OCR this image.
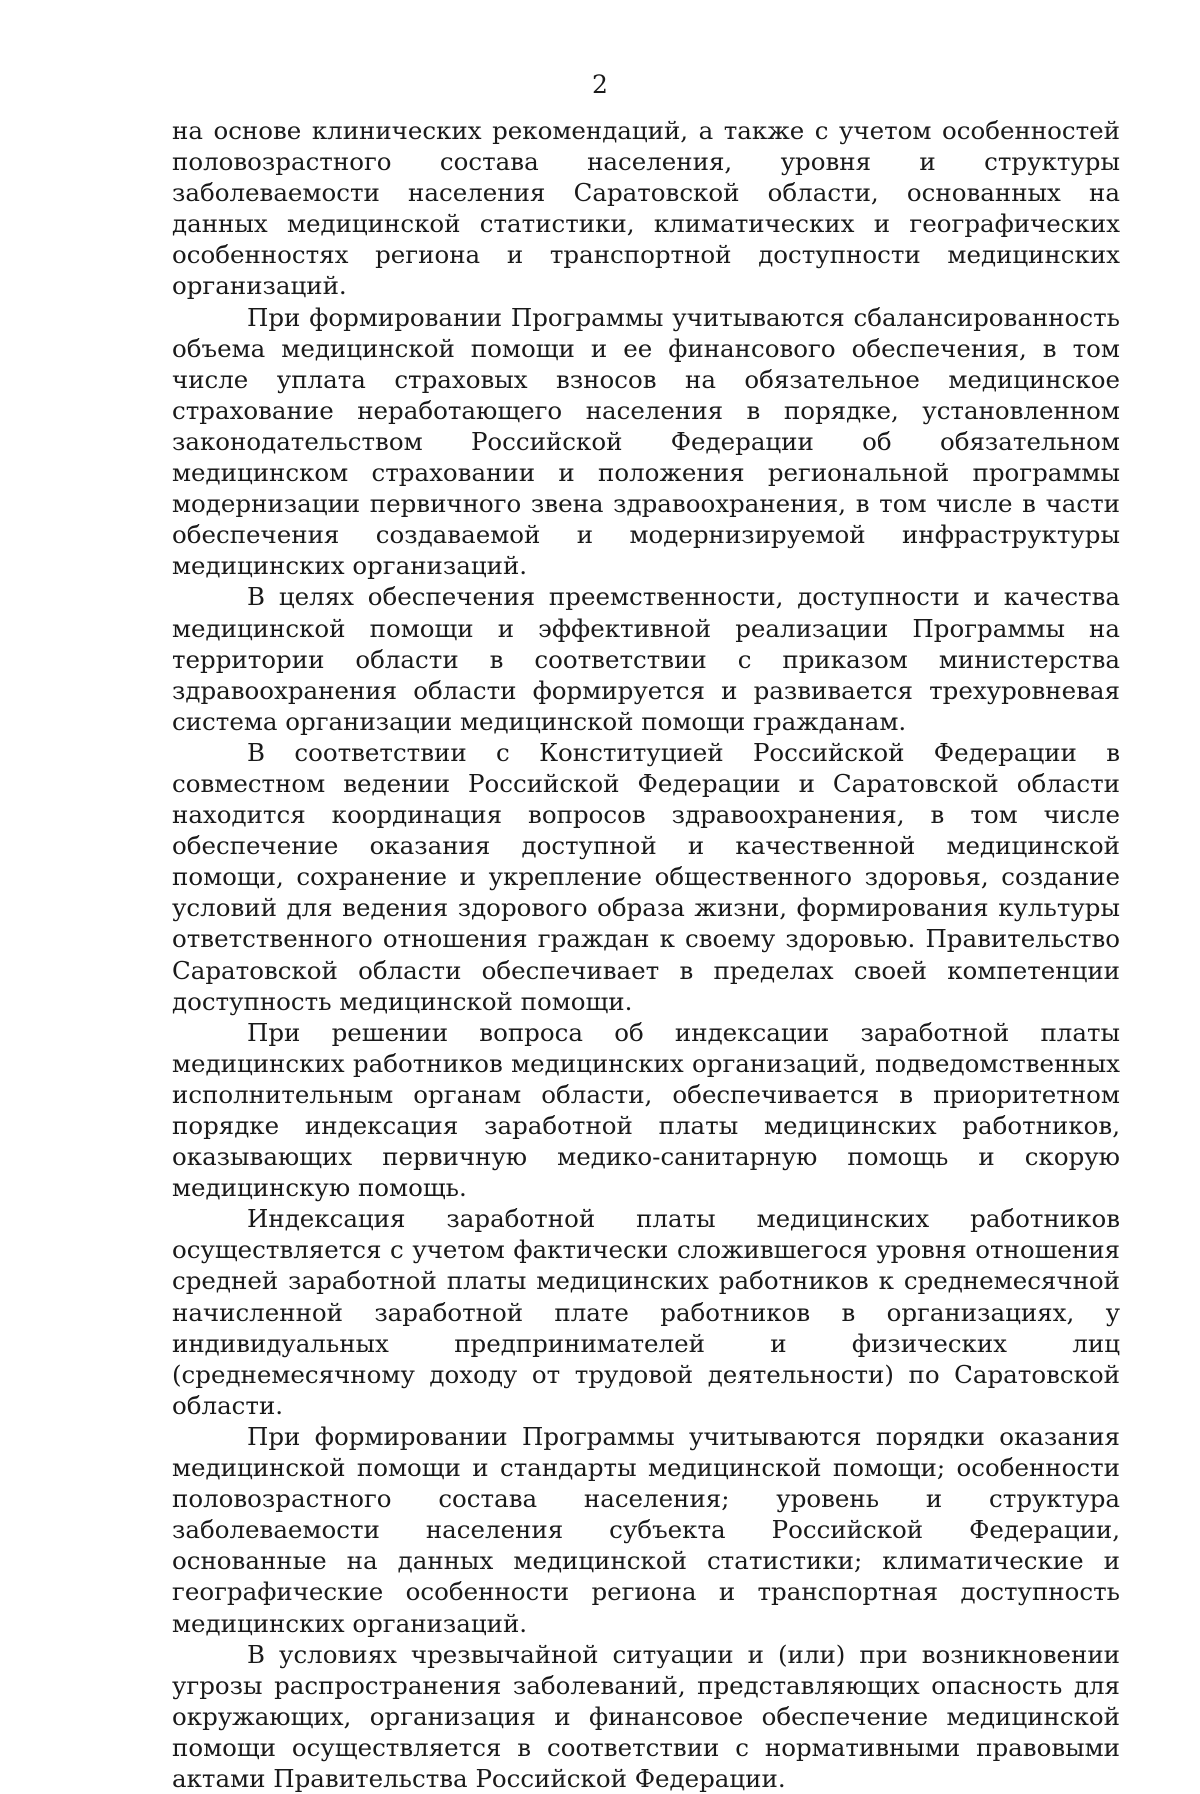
2

на основе клинических рекомендаций, а также с учетом особенностей половозрастного состава населения, уровня и структуры заболеваемости населения Саратовской области, основанных на данных медицинской статистики, климатических и географических особенностях региона и транспортной доступности медицинских организаций.

При формировании Программы учитываются сбалансированность объема медицинской помощи и ее финансового обеспечения, в том числе уплата страховых взносов на обязательное медицинское страхование неработающего населения в порядке, установленном законодательством Российской Федерации об обязательном медицинском страховании и положения региональной программы модернизации первичного звена здравоохранения, в том числе в части обеспечения создаваемой и модернизируемой инфраструктуры медицинских организаций.

В целях обеспечения преемственности, доступности и качества медицинской помощи и эффективной реализации Программы на территории области в соответствии с приказом министерства здравоохранения области формируется и развивается трехуровневая система организации медицинской помощи гражданам.

В соответствии с Конституцией Российской Федерации в совместном ведении Российской Федерации и Саратовской области находится координация вопросов здравоохранения, в том числе обеспечение оказания доступной и качественной медицинской помощи, сохранение и укрепление общественного здоровья, создание условий для ведения здорового образа жизни, формирования культуры ответственного отношения граждан к своему здоровью. Правительство Саратовской области обеспечивает в пределах своей компетенции доступность медицинской помощи.

При решении вопроса об индексации заработной платы медицинских работников медицинских организаций, подведомственных исполнительным органам области, обеспечивается в приоритетном порядке индексация заработной платы медицинских работников, оказывающих первичную медико-санитарную помощь и скорую медицинскую помощь.

Индексация заработной платы медицинских работников осуществляется с учетом фактически сложившегося уровня отношения средней заработной платы медицинских работников к среднемесячной начисленной заработной плате работников в организациях, у индивидуальных предпринимателей и физических лиц (среднемесячному доходу от трудовой деятельности) по Саратовской области.

При формировании Программы учитываются порядки оказания медицинской помощи и стандарты медицинской помощи; особенности половозрастного состава населения; уровень и структура заболеваемости населения субъекта Российской Федерации, основанные на данных медицинской статистики; климатические и географические особенности региона и транспортная доступность медицинских организаций.

В условиях чрезвычайной ситуации и (или) при возникновении угрозы распространения заболеваний, представляющих опасность для окружающих, организация и финансовое обеспечение медицинской помощи осуществляется в соответствии с нормативными правовыми актами Правительства Российской Федерации.
